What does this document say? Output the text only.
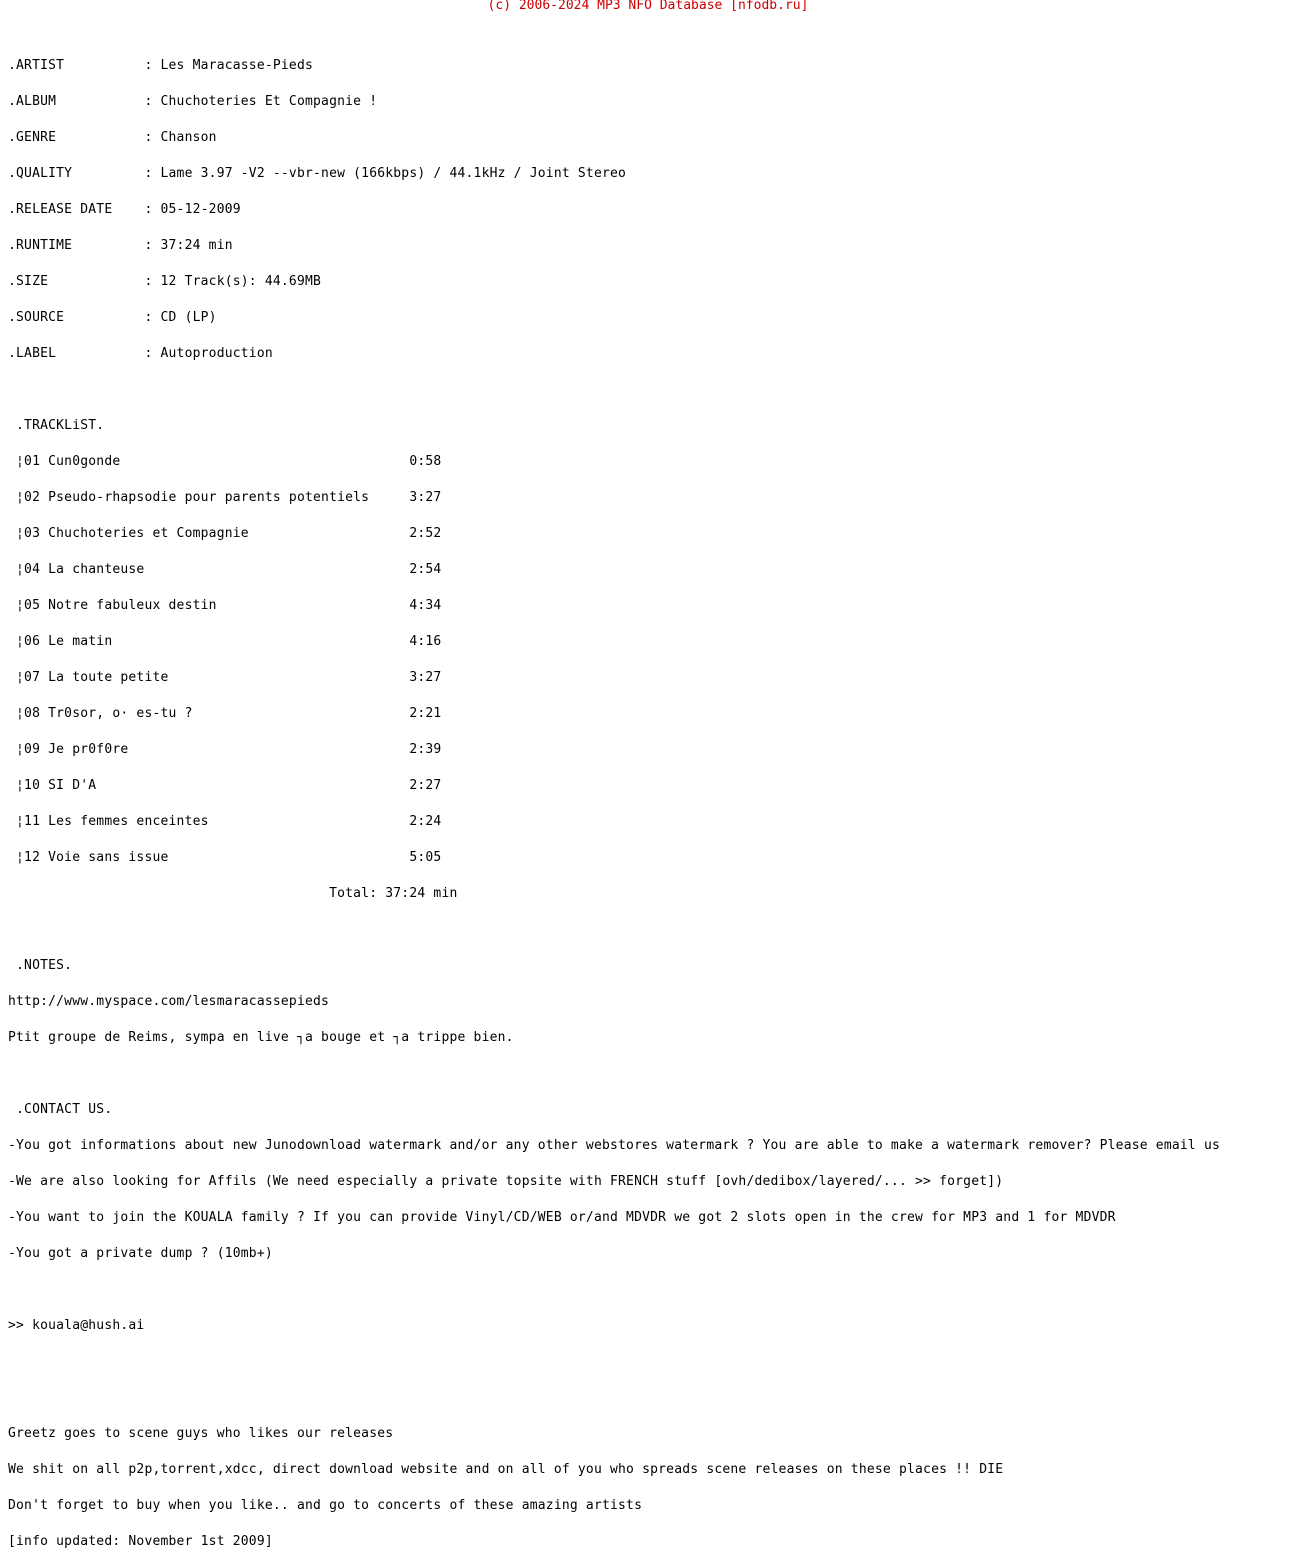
(c) 2006-2024 MP3 NFO Database [nfodb.ru]

.ARTIST          : Les Maracasse-Pieds

.ALBUM           : Chuchoteries Et Compagnie !

.GENRE           : Chanson

.QUALITY         : Lame 3.97 -V2 --vbr-new (166kbps) / 44.1kHz / Joint Stereo

.RELEASE DATE    : 05-12-2009

.RUNTIME         : 37:24 min

.SIZE            : 12 Track(s): 44.69MB

.SOURCE          : CD (LP)

.LABEL           : Autoproduction

.TRACKLiST.

¦01 Cun0gonde                                    0:58

¦02 Pseudo-rhapsodie pour parents potentiels     3:27

¦03 Chuchoteries et Compagnie                    2:52

¦04 La chanteuse                                 2:54

¦05 Notre fabuleux destin                        4:34

¦06 Le matin                                     4:16

¦07 La toute petite                              3:27

¦08 Tr0sor, o· es-tu ?                           2:21

¦09 Je pr0f0re                                   2:39

¦10 SI D'A                                       2:27

¦11 Les femmes enceintes                         2:24

¦12 Voie sans issue                              5:05

Total: 37:24 min

.NOTES.

http://www.myspace.com/lesmaracassepieds

Ptit groupe de Reims, sympa en live ┐a bouge et ┐a trippe bien.

.CONTACT US.

-You got informations about new Junodownload watermark and/or any other webstores watermark ? You are able to make a watermark remover? Please email us

-We are also looking for Affils (We need especially a private topsite with FRENCH stuff [ovh/dedibox/layered/... >> forget])

-You want to join the KOUALA family ? If you can provide Vinyl/CD/WEB or/and MDVDR we got 2 slots open in the crew for MP3 and 1 for MDVDR

-You got a private dump ? (10mb+)

>> kouala@hush.ai

Greetz goes to scene guys who likes our releases

We shit on all p2p,torrent,xdcc, direct download website and on all of you who spreads scene releases on these places !! DIE

Don't forget to buy when you like.. and go to concerts of these amazing artists

[info updated: November 1st 2009]
